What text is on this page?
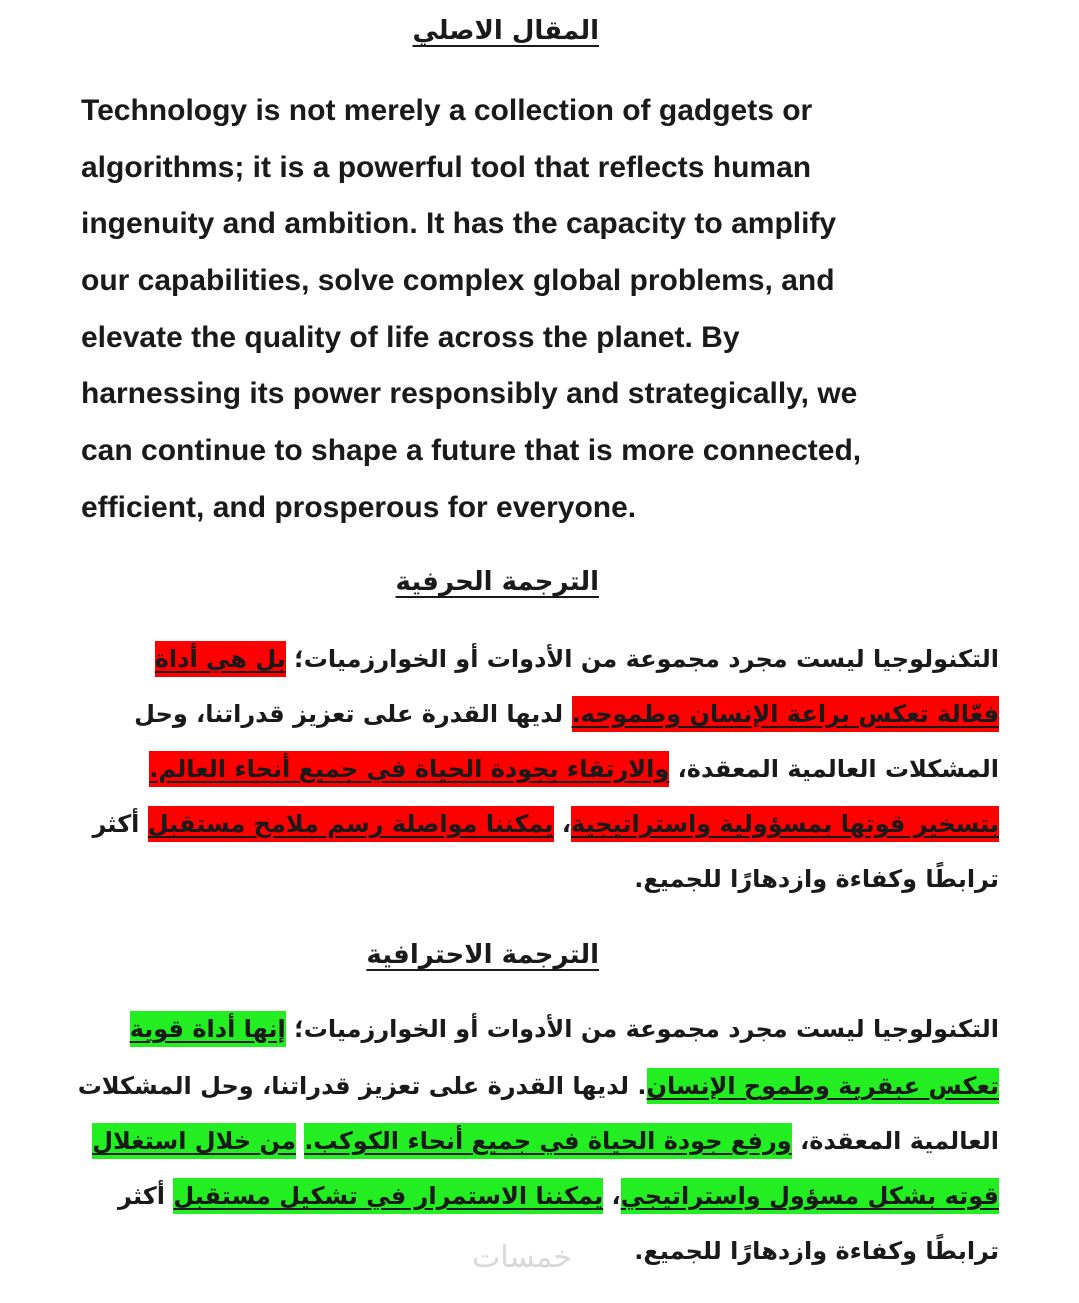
المقال الاصلي
Technology is not merely a collection of gadgets or
algorithms; it is a powerful tool that reflects human
ingenuity and ambition. It has the capacity to amplify
our capabilities, solve complex global problems, and
elevate the quality of life across the planet. By
harnessing its power responsibly and strategically, we
can continue to shape a future that is more connected,
efficient, and prosperous for everyone.
الترجمة الحرفية
التكنولوجيا ليست مجرد مجموعة من الأدوات أو الخوارزميات؛ بل هي أداة
فعّالة تعكس براعة الإنسان وطموحه. لديها القدرة على تعزيز قدراتنا، وحل
المشكلات العالمية المعقدة، والارتقاء بجودة الحياة في جميع أنحاء العالم.
بتسخير قوتها بمسؤولية واستراتيجية، يمكننا مواصلة رسم ملامح مستقبل أكثر
ترابطًا وكفاءة وازدهارًا للجميع.
الترجمة الاحترافية
التكنولوجيا ليست مجرد مجموعة من الأدوات أو الخوارزميات؛ إنها أداة قوية
تعكس عبقرية وطموح الإنسان. لديها القدرة على تعزيز قدراتنا، وحل المشكلات
العالمية المعقدة، ورفع جودة الحياة في جميع أنحاء الكوكب. من خلال استغلال
قوته بشكل مسؤول واستراتيجي، يمكننا الاستمرار في تشكيل مستقبل أكثر
ترابطًا وكفاءة وازدهارًا للجميع.
خمسات
